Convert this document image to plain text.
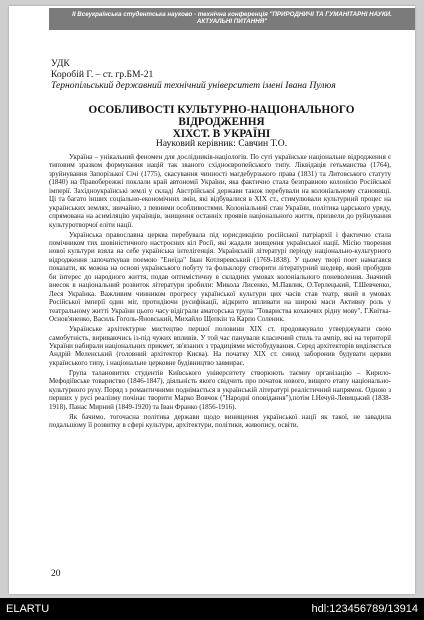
II Всеукраїнська студентська науково - технічна конференція "ПРИРОДНИЧІ ТА ГУМАНІТАРНІ НАУКИ.
АКТУАЛЬНІ ПИТАННЯ"
УДК
Коробій Г. – ст. гр.БМ-21
Тернопільський державний технічний університет імені Івана Пулюя
ОСОБЛИВОСТІ КУЛЬТУРНО-НАЦІОНАЛЬНОГО ВІДРОДЖЕННЯ
ХІХСТ. В УКРАЇНІ
Науковий керівник: Савчин Т.О.

Україна – унікальний феномен для дослідників-націологів. По суті українське національне відродження є типовим зразком формування націй так званого східноєвропейського типу. Ліквідація гетьманства (1764), зруйнування Запорізької Січі (1775), скасування чинності магдебурзького права (1831) та Литовського статуту (1840) на Правобережжі поклали край автономії України, яка фактично стала безправною колонією Російської імперії. Західноукраїнські землі у складі Австрійської держави також перебували на колоніальному становищі. Ці та багато інших соціально-економічних змін, які відбувалися в XIX ст., стимулювали культурний процес на українських землях, звичайно, з певними особливостями. Колоніальний стан України, політика царського уряду, спрямована на асиміляцію українців, знищення останніх проявів національного життя, призвели до руйнування культуротворчої еліти нації.

Українська православна церква перебувала під юрисдикцією російської патріархії і фактично стала помічником тих шовіністичного настроєних кіл Росії, які жадали знищення української нації. Місію творення нової культури взяла на себе українська інтелігенція. Українській літературі періоду національно-культурного відродження започаткував поемою "Енеїда" Іван Котляревський (1769-1838). У цьому творі поет намагався показати, як можна на основі українського побуту та фольклору створити літературний шедевр, який пробудив би інтерес до народного життя, подав оптимістичну в складних умовах колоніального поневолення. Значний внесок в національний розвиток літератури зробили: Микола Лисенко, М.Павлик, О.Терлецький, Т.Шевченко, Леся Українка. Важливим чинником прогресу української культури цих часів став театр, який в умовах Російської імперії один міг, протидіючи русифікації, відкрито впливати на широкі маси Активну роль у театральному житті України цього часу відіграли аматорська трупа "Товариства кохаючих рідну мову", Г.Квітка-Основ'яненко, Василь Гоголь-Яновський, Михайло Щепкін та Карпо Соленик.

Українське архітектурне мистецтво першої половини XIX ст. продовжувало утверджувати свою самобутність, вириваючись із-під чужих впливів. У той час панували класичний стиль та ампір, які на території України набирали національних прикмет, зв'язаних з традиціями містобудування. Серед архітекторів виділяється Андрій Меленський (головний архітектор Києва). На початку XIX ст. синод заборонив будувати церкви українського типу, і національне церковне будівництво завмирає.

Група талановитих студентів Київського університету створюють таємну організацію – Кирило-Мефодіївське товариство (1846-1847), діяльність якого свідчить про початок нового, вищого етапу національно-культурного руху. Поряд з романтичними поднімається в українській літературі реалістичний напрямок. Одною з перших у русі реалізму почінає творити Марко Вовчок ("Народні оповідання"),потім І.Нечуй-Левицький (1838-1918), Панас Мирний (1849-1920) та Іван Франко (1856-1916).

Як бачимо, тогочасна політика держави щодо винищення української нації як такої, не завадила подальшому її розвитку в сфері культури, архітектури, політики, живопису, освіти.

20
ELARTU	hdl:123456789/13914
